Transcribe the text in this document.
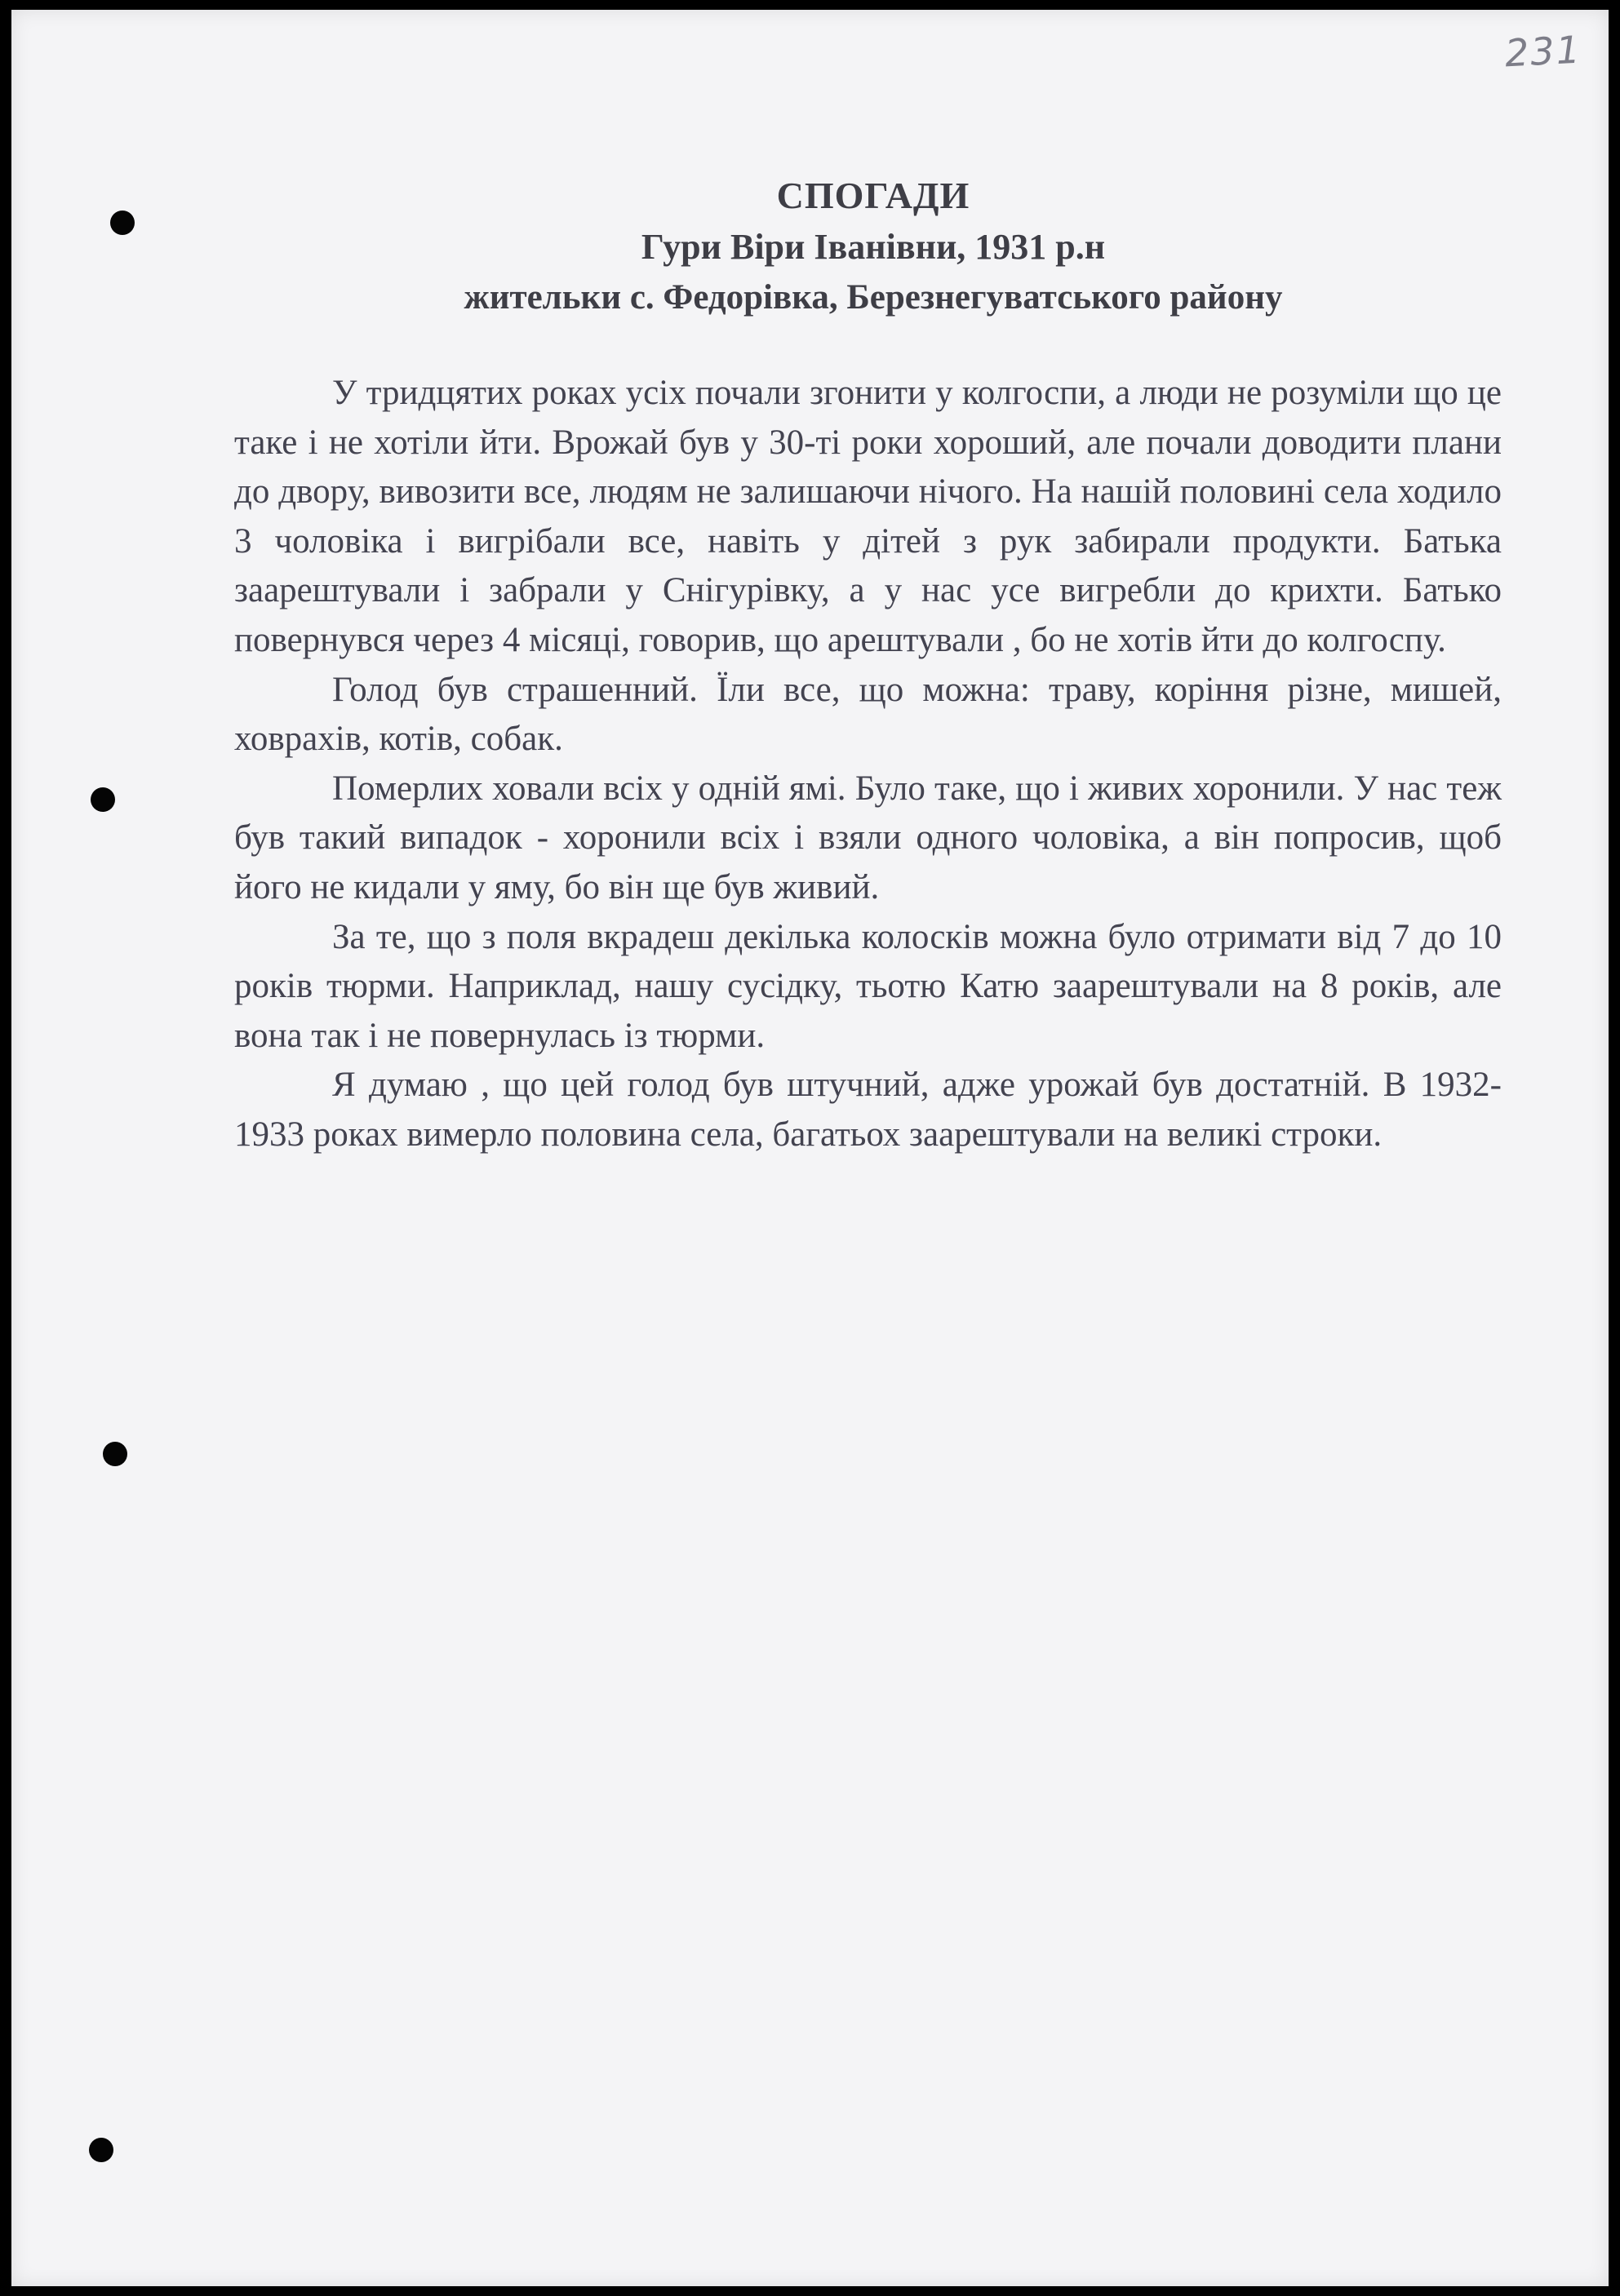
231
СПОГАДИ
Гури Віри Іванівни, 1931 р.н
жительки с. Федорівка, Березнегуватського району

У тридцятих роках усіх почали згонити у колгоспи, а люди не розуміли що це таке і не хотіли йти. Врожай був у 30-ті роки хороший, але почали доводити плани до двору, вивозити все, людям не залишаючи нічого. На нашій половині села ходило 3 чоловіка і вигрібали все, навіть у дітей з рук забирали продукти. Батька заарештували і забрали у Снігурівку, а у нас усе вигребли до крихти. Батько повернувся через 4 місяці, говорив, що арештували , бо не хотів йти до колгоспу.

Голод був страшенний. Їли все, що можна: траву, коріння різне, мишей, ховрахів, котів, собак.

Померлих ховали всіх у одній ямі. Було таке, що і живих хоронили. У нас теж був такий випадок - хоронили всіх і взяли одного чоловіка, а він попросив, щоб його не кидали у яму, бо він ще був живий.

За те, що з поля вкрадеш декілька колосків можна було отримати від 7 до 10 років тюрми. Наприклад, нашу сусідку, тьотю Катю заарештували на 8 років, але вона так і не повернулась із тюрми.

Я думаю , що цей голод був штучний, адже урожай був достатній. В 1932-1933 роках вимерло половина села, багатьох заарештували на великі строки.
